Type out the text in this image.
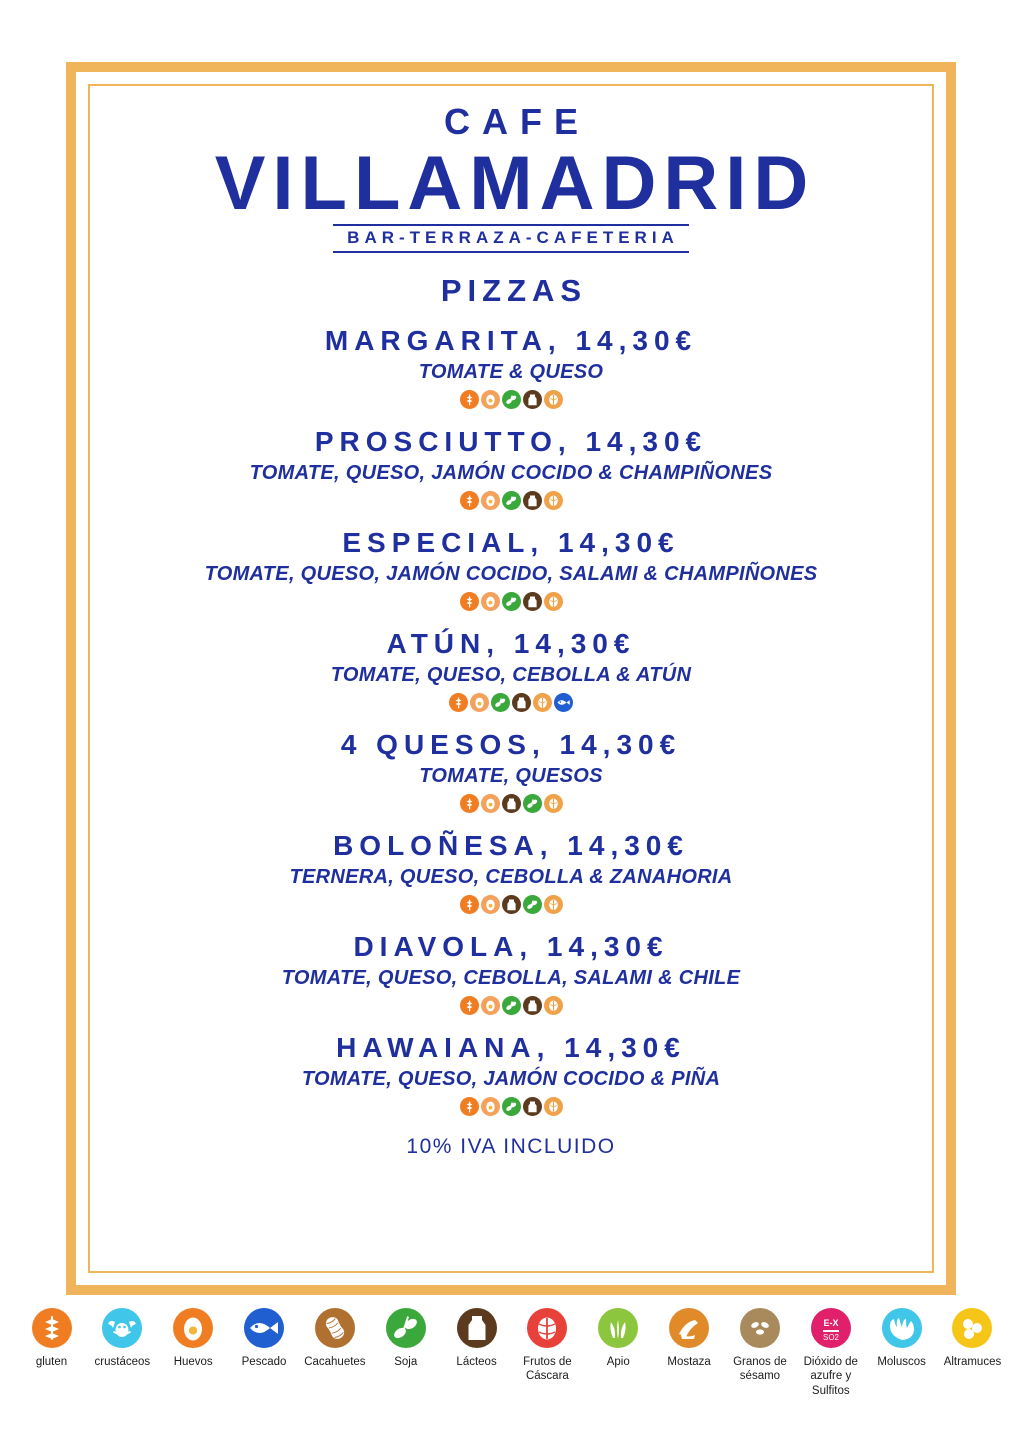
CAFE
VILLAMADRID
BAR-TERRAZA-CAFETERIA
PIZZAS
MARGARITA, 14,30€
TOMATE & QUESO
PROSCIUTTO, 14,30€
TOMATE, QUESO, JAMÓN COCIDO & CHAMPIÑONES
ESPECIAL, 14,30€
TOMATE, QUESO, JAMÓN COCIDO, SALAMI & CHAMPIÑONES
ATÚN, 14,30€
TOMATE, QUESO, CEBOLLA & ATÚN
4 QUESOS, 14,30€
TOMATE, QUESOS
BOLOÑESA, 14,30€
TERNERA, QUESO, CEBOLLA & ZANAHORIA
DIAVOLA, 14,30€
TOMATE, QUESO, CEBOLLA, SALAMI & CHILE
HAWAIANA, 14,30€
TOMATE, QUESO, JAMÓN COCIDO & PIÑA
10% IVA INCLUIDO
gluten	crustáceos	Huevos	Pescado	Cacahuetes	Soja	Lácteos	Frutos de Cáscara
Apio	Mostaza	Granos de sésamo
E-X
SO2
Dióxido de azufre y Sulfitos
Moluscos	Altramuces
